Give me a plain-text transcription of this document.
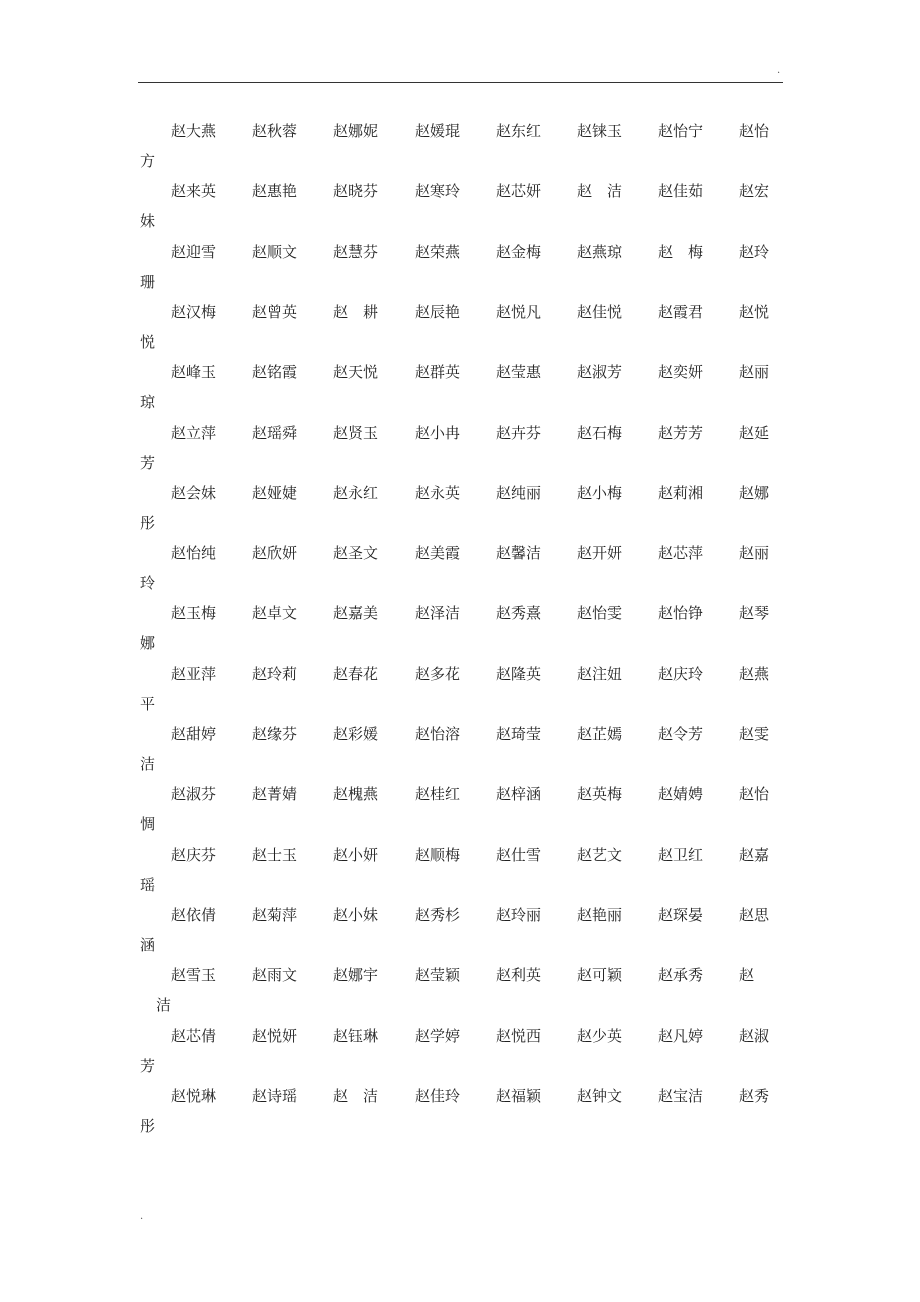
.
赵大燕 赵秋蓉 赵娜妮 赵媛琨 赵东红 赵铼玉 赵怡宁 赵怡
方
赵来英 赵惠艳 赵晓芬 赵寒玲 赵芯妍 赵　洁 赵佳茹 赵宏
妹
赵迎雪 赵顺文 赵慧芬 赵荣燕 赵金梅 赵燕琼 赵　梅 赵玲
珊
赵汉梅 赵曾英 赵　耕 赵辰艳 赵悦凡 赵佳悦 赵霞君 赵悦
悦
赵峰玉 赵铭霞 赵天悦 赵群英 赵莹惠 赵淑芳 赵奕妍 赵丽
琼
赵立萍 赵瑶舜 赵贤玉 赵小冉 赵卉芬 赵石梅 赵芳芳 赵延
芳
赵会妹 赵娅婕 赵永红 赵永英 赵纯丽 赵小梅 赵莉湘 赵娜
彤
赵怡纯 赵欣妍 赵圣文 赵美霞 赵馨洁 赵开妍 赵芯萍 赵丽
玲
赵玉梅 赵卓文 赵嘉美 赵泽洁 赵秀熹 赵怡雯 赵怡铮 赵琴
娜
赵亚萍 赵玲莉 赵春花 赵多花 赵隆英 赵注妞 赵庆玲 赵燕
平
赵甜婷 赵缘芬 赵彩媛 赵怡溶 赵琦莹 赵芷嫣 赵令芳 赵雯
洁
赵淑芬 赵菁婧 赵槐燕 赵桂红 赵梓涵 赵英梅 赵婧娉 赵怡
惆
赵庆芬 赵士玉 赵小妍 赵顺梅 赵仕雪 赵艺文 赵卫红 赵嘉
瑶
赵依倩 赵菊萍 赵小妹 赵秀杉 赵玲丽 赵艳丽 赵琛晏 赵思
涵
赵雪玉 赵雨文 赵娜宇 赵莹颖 赵利英 赵可颖 赵承秀 赵
洁
赵芯倩 赵悦妍 赵钰琳 赵学婷 赵悦西 赵少英 赵凡婷 赵淑
芳
赵悦琳 赵诗瑶 赵　洁 赵佳玲 赵福颖 赵钟文 赵宝洁 赵秀
彤
.
